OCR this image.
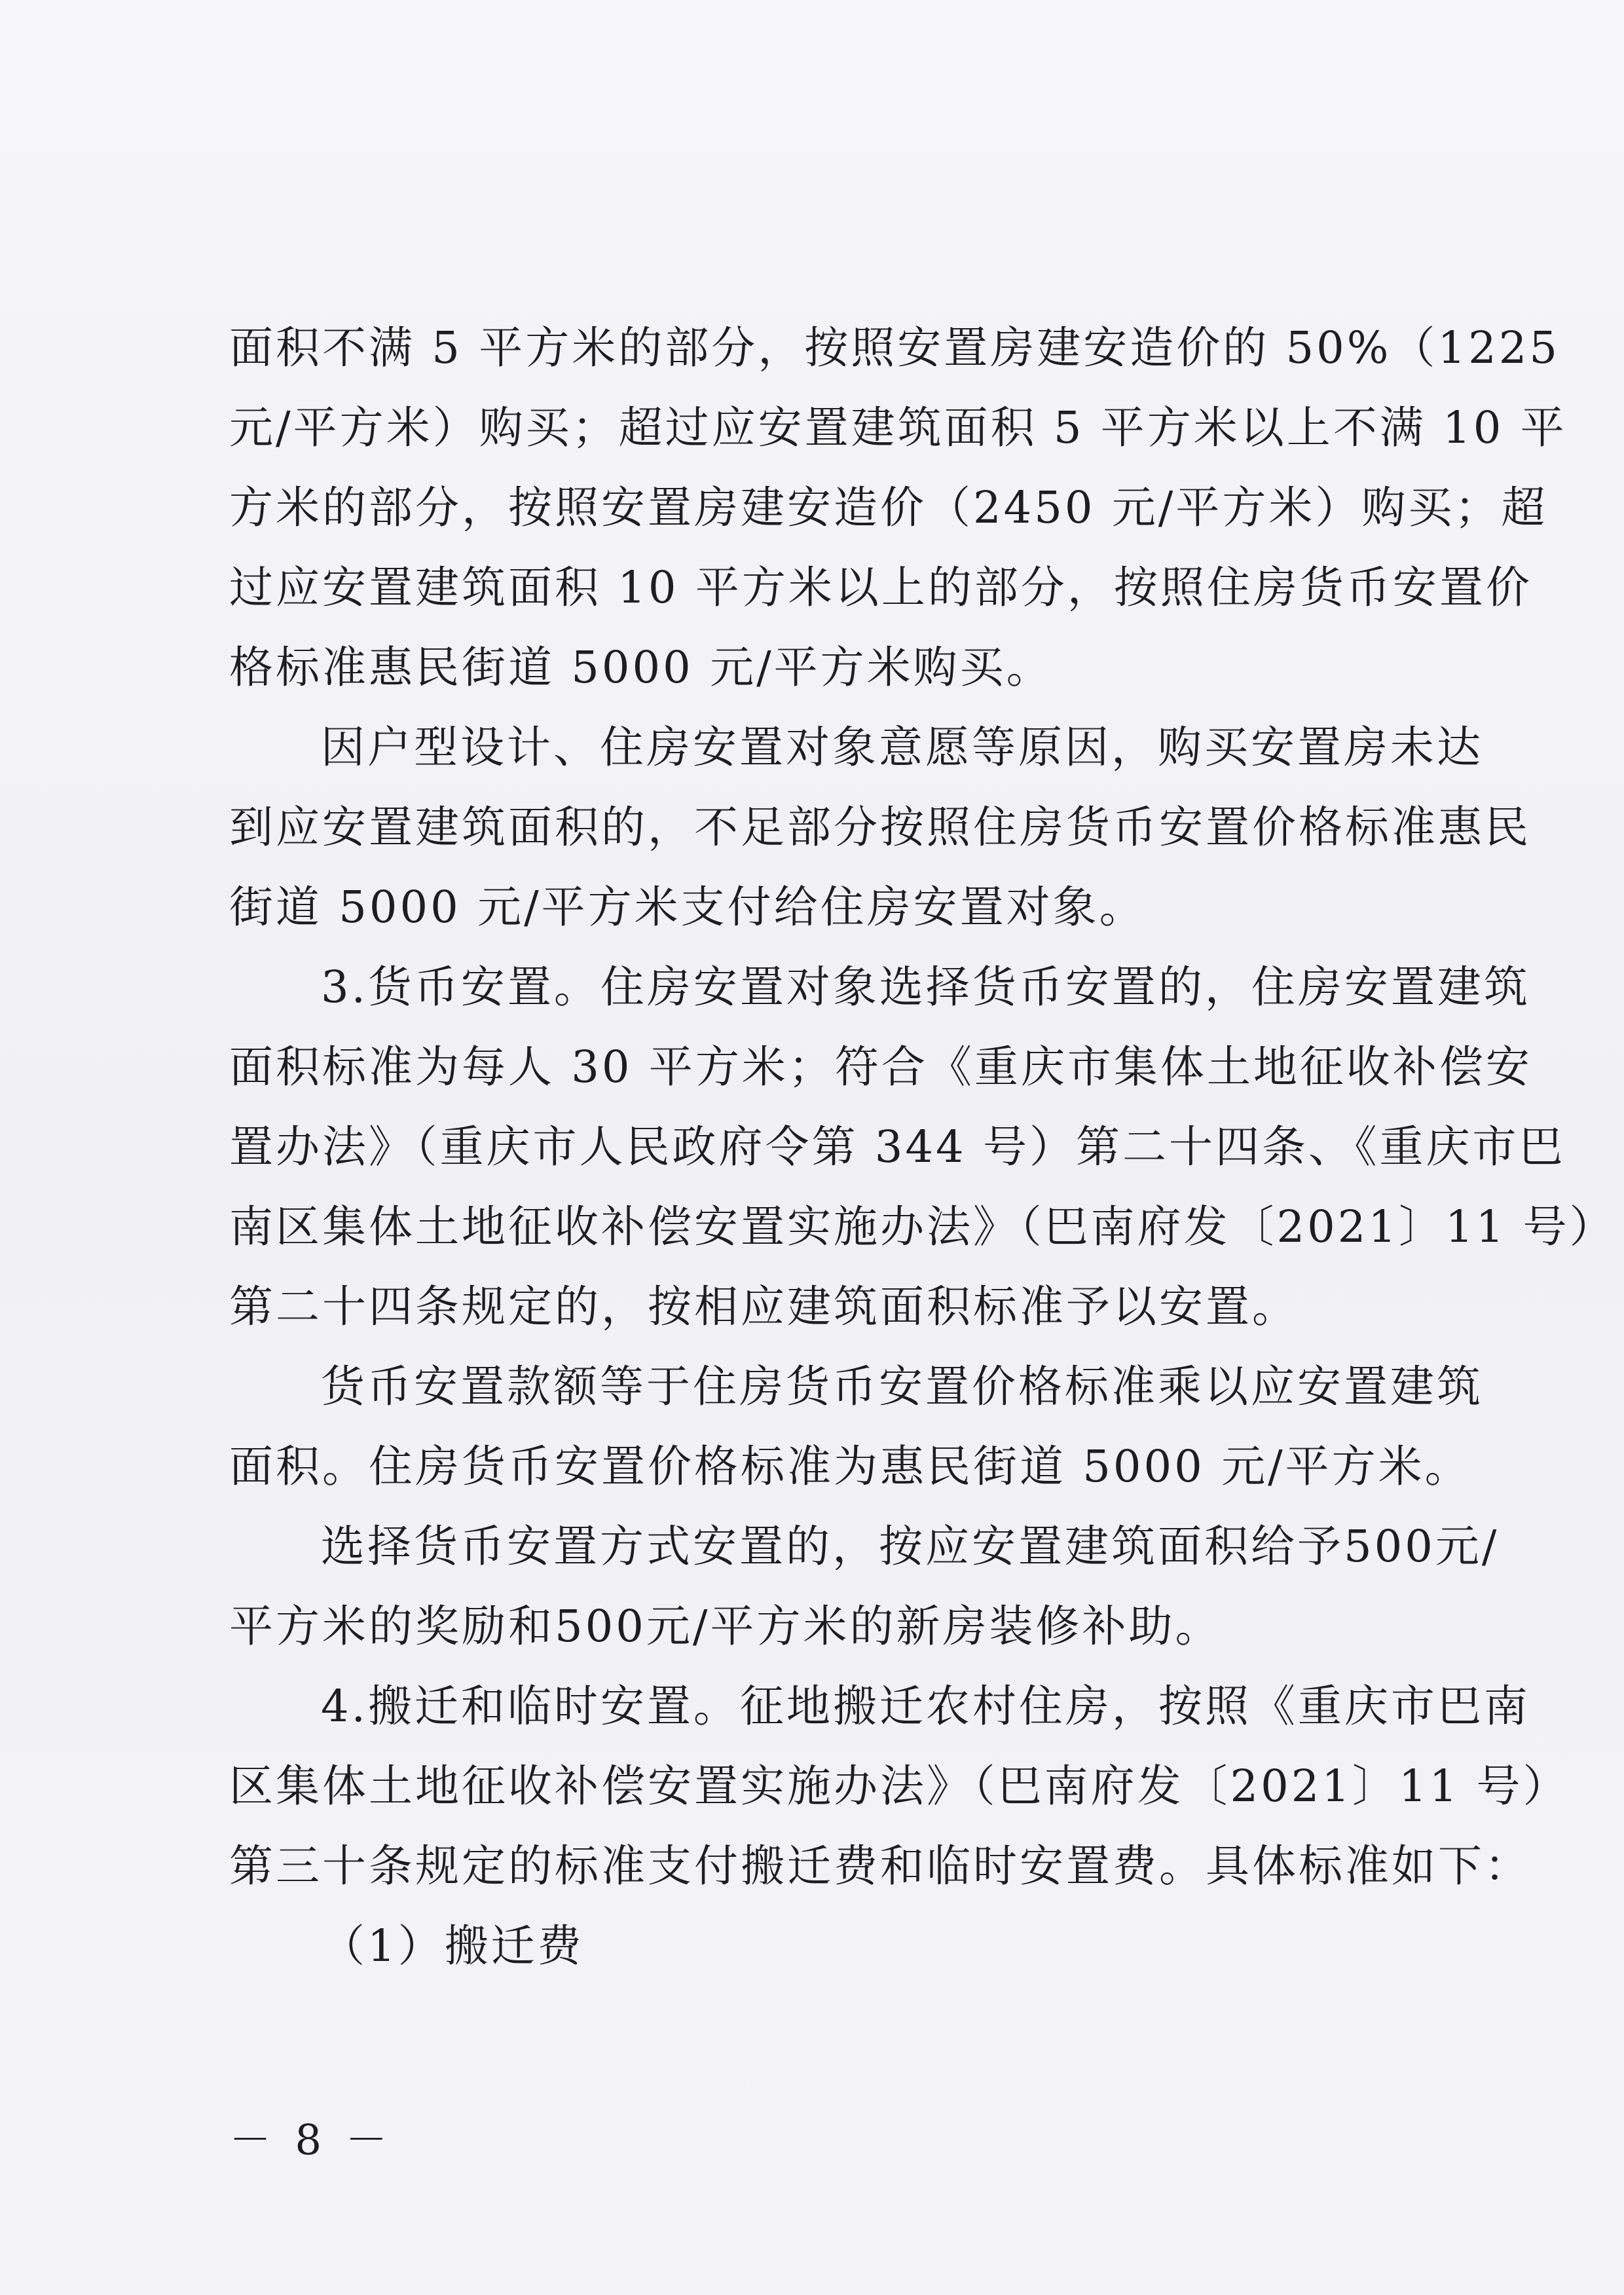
面积不满 5 平方米的部分，按照安置房建安造价的 50%（1225
元/平方米）购买；超过应安置建筑面积 5 平方米以上不满 10 平
方米的部分，按照安置房建安造价（2450 元/平方米）购买；超
过应安置建筑面积 10 平方米以上的部分，按照住房货币安置价
格标准惠民街道 5000 元/平方米购买。

因户型设计、住房安置对象意愿等原因，购买安置房未达
到应安置建筑面积的，不足部分按照住房货币安置价格标准惠民
街道 5000 元/平方米支付给住房安置对象。

3.货币安置。住房安置对象选择货币安置的，住房安置建筑
面积标准为每人 30 平方米；符合《重庆市集体土地征收补偿安
置办法》（重庆市人民政府令第 344 号）第二十四条、《重庆市巴
南区集体土地征收补偿安置实施办法》（巴南府发〔2021〕11 号）
第二十四条规定的，按相应建筑面积标准予以安置。

货币安置款额等于住房货币安置价格标准乘以应安置建筑
面积。住房货币安置价格标准为惠民街道 5000 元/平方米。

选择货币安置方式安置的，按应安置建筑面积给予500元/
平方米的奖励和500元/平方米的新房装修补助。

4.搬迁和临时安置。征地搬迁农村住房，按照《重庆市巴南
区集体土地征收补偿安置实施办法》（巴南府发〔2021〕11 号）
第三十条规定的标准支付搬迁费和临时安置费。具体标准如下：

（1）搬迁费

－ 8 －
